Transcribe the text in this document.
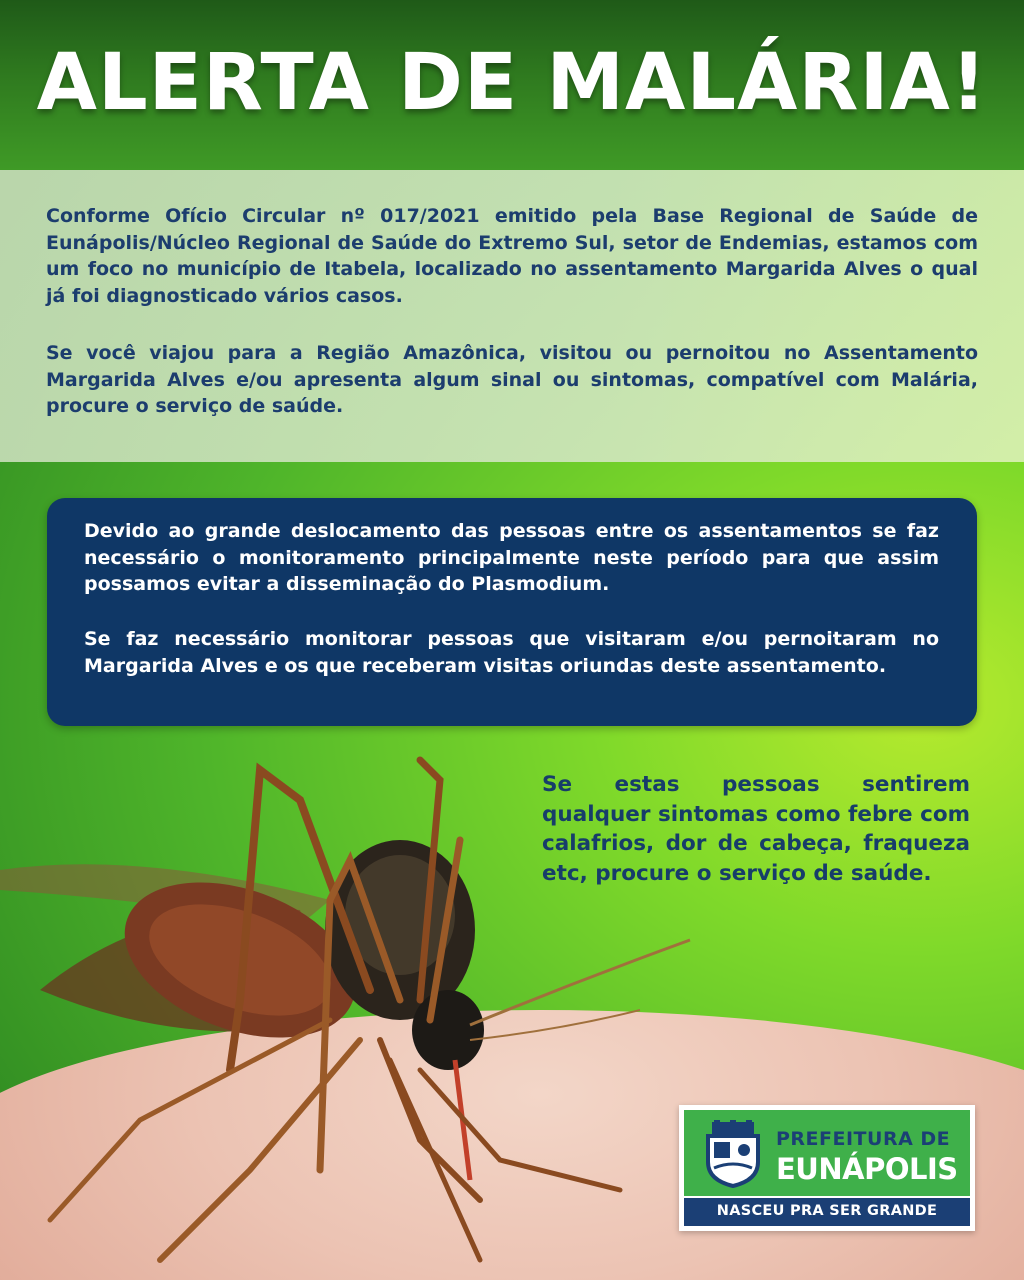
ALERTA DE MALÁRIA!

Conforme Ofício Circular nº 017/2021 emitido pela Base Regional de Saúde de Eunápolis/Núcleo Regional de Saúde do Extremo Sul, setor de Endemias, estamos com um foco no município de Itabela, localizado no assentamento Margarida Alves o qual já foi diagnosticado vários casos.

Se você viajou para a Região Amazônica, visitou ou pernoitou no Assentamento Margarida Alves e/ou apresenta algum sinal ou sintomas, compatível com Malária, procure o serviço de saúde.

Devido ao grande deslocamento das pessoas entre os assentamentos se faz necessário o monitoramento principalmente neste período para que assim possamos evitar a disseminação do Plasmodium.

Se faz necessário monitorar pessoas que visitaram e/ou pernoitaram no Margarida Alves e os que receberam visitas oriundas deste assentamento.

Se estas pessoas sentirem qualquer sintomas como febre com calafrios, dor de cabeça, fraqueza etc, procure o serviço de saúde.

PREFEITURA DE
EUNÁPOLIS
NASCEU PRA SER GRANDE
